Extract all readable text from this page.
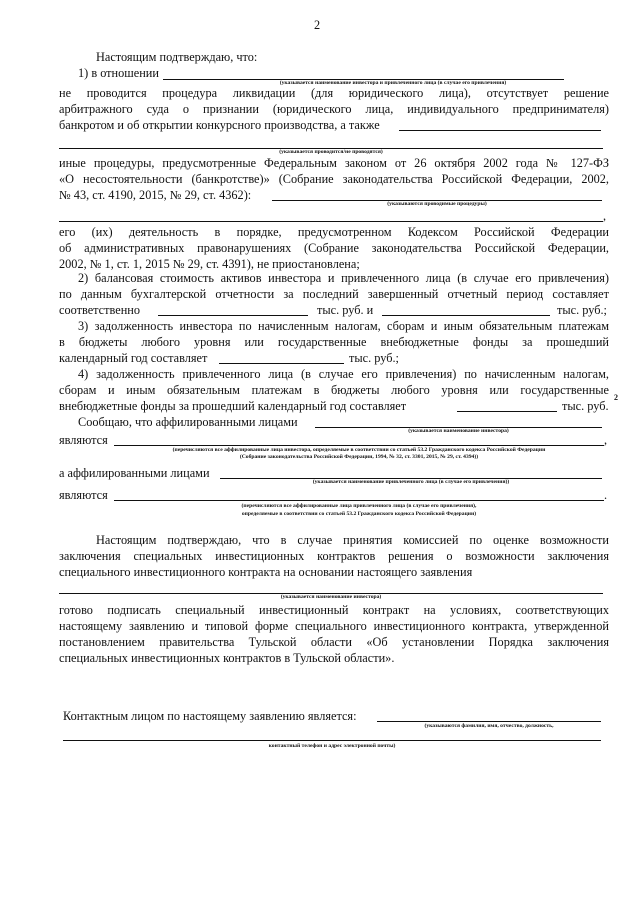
2
Настоящим подтверждаю, что:
1) в отношении
(указывается наименование инвестора и привлеченного лица (в случае его привлечения)
не проводится процедура ликвидации (для юридического лица), отсутствует решение
арбитражного суда о признании (юридического лица, индивидуального предпринимателя)
банкротом и об открытии конкурсного производства, а также
(указывается проводится/не проводятся)
иные процедуры, предусмотренные Федеральным законом от 26 октября 2002 года № 127-ФЗ
«О несостоятельности (банкротстве)» (Собрание законодательства Российской Федерации, 2002,
№ 43, ст. 4190, 2015, № 29, ст. 4362):
(указываются проводимые процедуры)
,
его (их) деятельность в порядке, предусмотренном Кодексом Российской Федерации
об административных правонарушениях (Собрание законодательства Российской Федерации,
2002, № 1, ст. 1, 2015 № 29, ст. 4391), не приостановлена;
2) балансовая стоимость активов инвестора и привлеченного лица (в случае его привлечения)
по данным бухгалтерской отчетности за последний завершенный отчетный период составляет
соответственно	тыс. руб. и	тыс. руб.;
3) задолженность инвестора по начисленным налогам, сборам и иным обязательным платежам
в бюджеты любого уровня или государственные внебюджетные фонды за прошедший
календарный год составляет	тыс. руб.;
4) задолженность привлеченного лица (в случае его привлечения) по начисленным налогам,
сборам и иным обязательным платежам в бюджеты любого уровня или государственные
внебюджетные фонды за прошедший календарный год составляет	тыс. руб.
2
Сообщаю, что аффилированными лицами
(указывается наименование инвестора)
являются	,
(перечисляются все аффилированные лица инвестора, определяемые в соответствии со статьей 53.2 Гражданского кодекса Российской Федерации
(Собрание законодательства Российской Федерации, 1994, № 32, ст. 3301, 2015, № 29, ст. 4394))
а аффилированными лицами
(указывается наименование привлеченного лица (в случае его привлечения))
являются	.
(перечисляются все аффилированные лица привлеченного лица (в случае его привлечения),
определяемые в соответствии со статьей 53.2 Гражданского кодекса Российской Федерации)
Настоящим подтверждаю, что в случае принятия комиссией по оценке возможности
заключения специальных инвестиционных контрактов решения о возможности заключения
специального инвестиционного контракта на основании настоящего заявления
(указывается наименование инвестора)
готово подписать специальный инвестиционный контракт на условиях, соответствующих
настоящему заявлению и типовой форме специального инвестиционного контракта, утвержденной
постановлением правительства Тульской области «Об установлении Порядка заключения
специальных инвестиционных контрактов в Тульской области».
Контактным лицом по настоящему заявлению является:
(указываются фамилия, имя, отчество, должность,
контактный телефон и адрес электронной почты)
